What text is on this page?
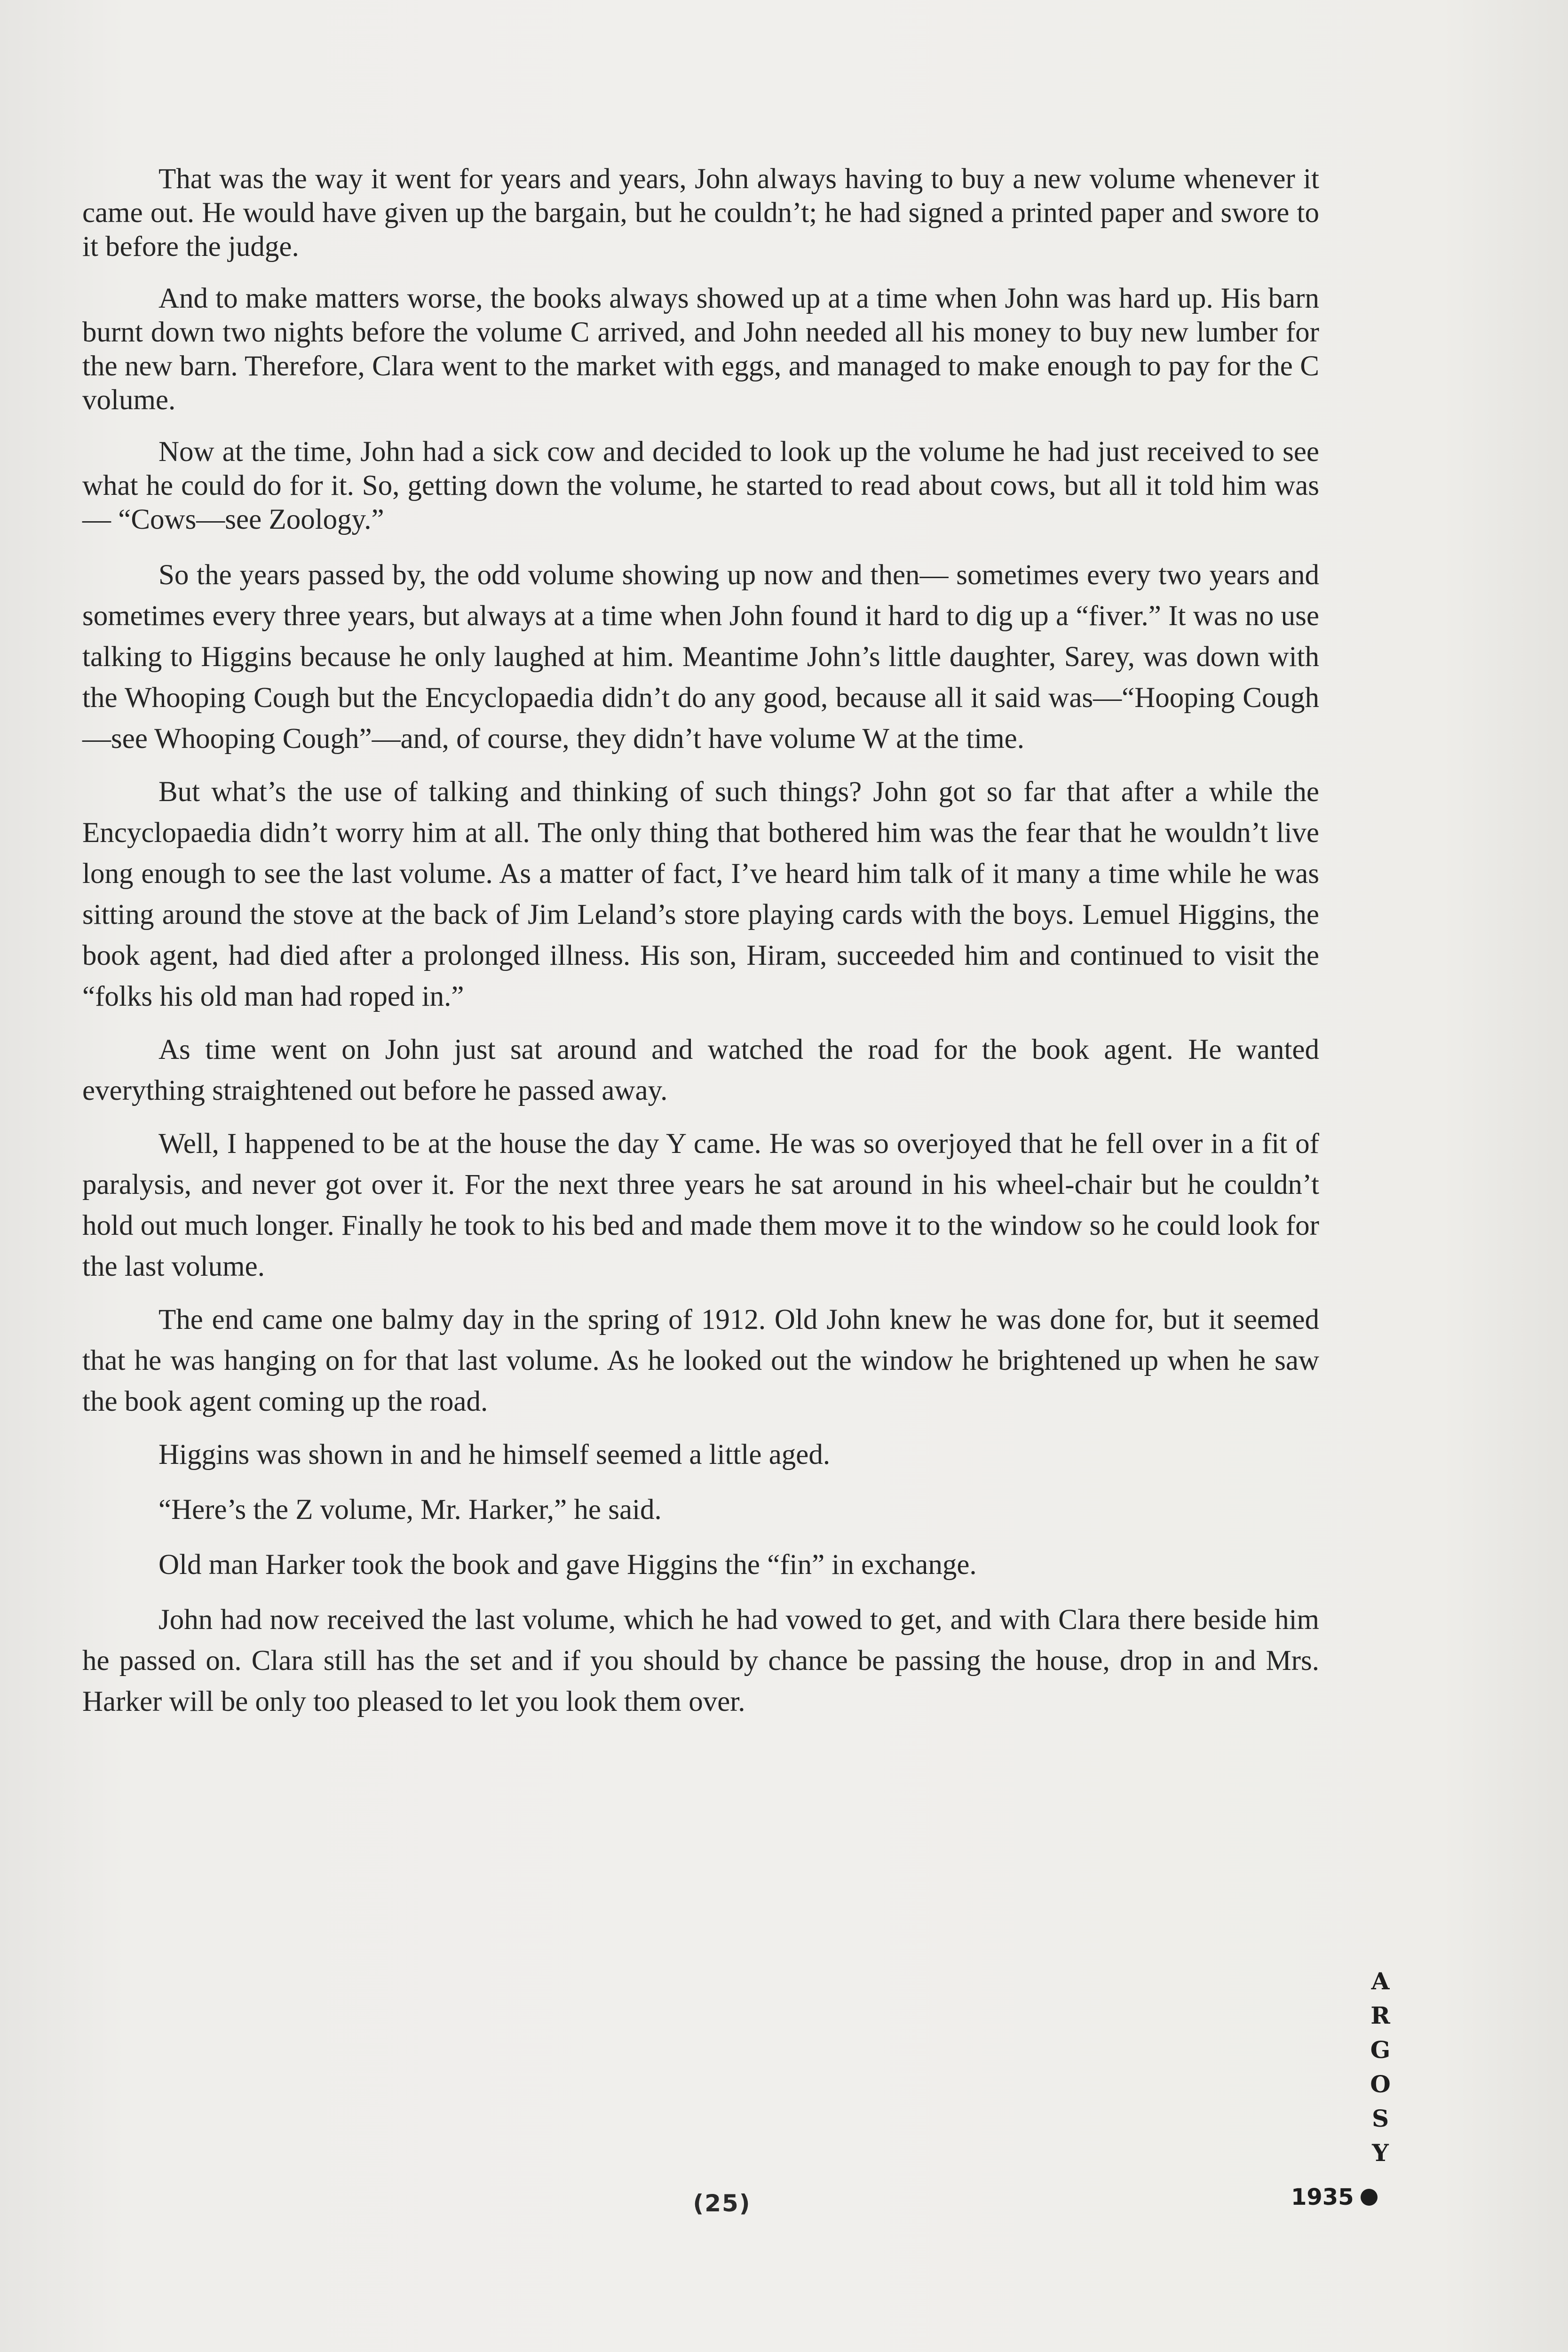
That was the way it went for years and years, John always having to buy a new volume whenever it came out. He would have given up the bargain, but he couldn’t; he had signed a printed paper and swore to it before the judge.

And to make matters worse, the books always showed up at a time when John was hard up. His barn burnt down two nights before the volume C arrived, and John needed all his money to buy new lumber for the new barn. Therefore, Clara went to the market with eggs, and managed to make enough to pay for the C volume.

Now at the time, John had a sick cow and decided to look up the volume he had just received to see what he could do for it. So, getting down the volume, he started to read about cows, but all it told him was— “Cows—see Zoology.”

So the years passed by, the odd volume showing up now and then— sometimes every two years and sometimes every three years, but always at a time when John found it hard to dig up a “fiver.” It was no use talking to Higgins because he only laughed at him. Meantime John’s little daughter, Sarey, was down with the Whooping Cough but the Encyclopaedia didn’t do any good, because all it said was—“Hooping Cough—see Whooping Cough”—and, of course, they didn’t have volume W at the time.

But what’s the use of talking and thinking of such things? John got so far that after a while the Encyclopaedia didn’t worry him at all. The only thing that bothered him was the fear that he wouldn’t live long enough to see the last volume. As a matter of fact, I’ve heard him talk of it many a time while he was sitting around the stove at the back of Jim Leland’s store playing cards with the boys. Lemuel Higgins, the book agent, had died after a prolonged illness. His son, Hiram, succeeded him and continued to visit the “folks his old man had roped in.”

As time went on John just sat around and watched the road for the book agent. He wanted everything straightened out before he passed away.

Well, I happened to be at the house the day Y came. He was so overjoyed that he fell over in a fit of paralysis, and never got over it. For the next three years he sat around in his wheel-chair but he couldn’t hold out much longer. Finally he took to his bed and made them move it to the window so he could look for the last volume.

The end came one balmy day in the spring of 1912. Old John knew he was done for, but it seemed that he was hanging on for that last volume. As he looked out the window he brightened up when he saw the book agent coming up the road.

Higgins was shown in and he himself seemed a little aged.

“Here’s the Z volume, Mr. Harker,” he said.

Old man Harker took the book and gave Higgins the “fin” in exchange.

John had now received the last volume, which he had vowed to get, and with Clara there beside him he passed on. Clara still has the set and if you should by chance be passing the house, drop in and Mrs. Harker will be only too pleased to let you look them over.

A
R
G
O
S
Y
(25)	1935
